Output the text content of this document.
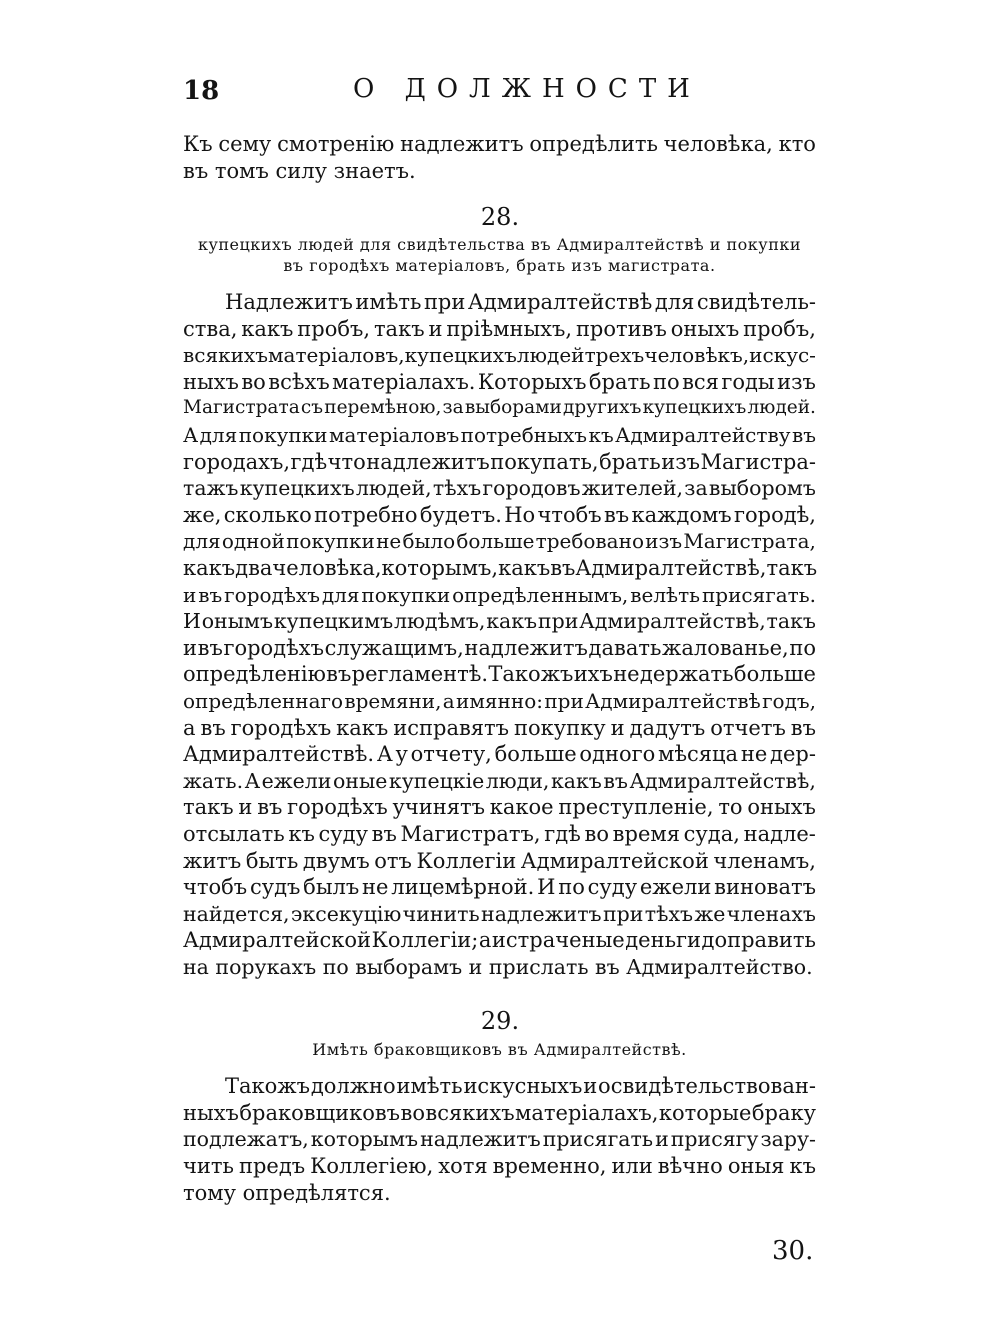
18	О ДОЛЖНОСТИ

Къ сему смотренію надлежитъ опредѣлить человѣка, кто

въ томъ силу знаетъ.

28.
купецкихъ людей для свидѣтельства въ Адмиралтействѣ и покупки
въ городѣхъ матеріаловъ, брать изъ магистрата.

Надлежитъ имѣть при Адмиралтействѣ для свидѣтель-

ства, какъ пробъ, такъ и пріѣмныхъ, противъ оныхъ пробъ,

всякихъ матеріаловъ, купецкихъ людей трехъ человѣкъ, искус-

ныхъ во всѣхъ матеріалахъ. Которыхъ брать по вся годы изъ

Магистрата съ перемѣною, за выборами другихъ купецкихъ людей.

А для покупки матеріаловъ потребныхъ къ Адмиралтейству въ

городахъ, гдѣ что надлежитъ покупать, брать изъ Магистра-

тажъ купецкихъ людей, тѣхъ городовъ жителей, за выборомъ

же, сколько потребно будетъ. Но чтобъ въ каждомъ городѣ,

для одной покупки не было больше требовано изъ Магистрата,

какъ два человѣка, которымъ, какъ въ Адмиралтействѣ, такъ

и въ городѣхъ для покупки опредѣленнымъ, велѣть присягать.

И онымъ купецкимъ людѣмъ, какъ при Адмиралтействѣ, такъ

и въ городѣхъ служащимъ, надлежитъ давать жалованье, по

опредѣленію въ регламентѣ. Такожъ ихъ не держать больше

опредѣленнаго времяни, а имянно: при Адмиралтействѣ годъ,

а въ городѣхъ какъ исправятъ покупку и дадутъ отчетъ въ

Адмиралтействѣ. А у отчету, больше одного мѣсяца не дер-

жать. А ежели оные купецкіе люди, какъ въ Адмиралтействѣ,

такъ и въ городѣхъ учинятъ какое преступленіе, то оныхъ

отсылать къ суду въ Магистратъ, гдѣ во время суда, надле-

житъ быть двумъ отъ Коллегіи Адмиралтейской членамъ,

чтобъ судъ былъ не лицемѣрной. И по суду ежели виноватъ

найдется, эксекуцію чинить надлежитъ при тѣхъ же членахъ

Адмиралтейской Коллегіи; а истраченые деньги доправить

на порукахъ по выборамъ и прислать въ Адмиралтейство.

29.
Имѣть браковщиковъ въ Адмиралтействѣ.

Такожъ должно имѣть искусныхъ и освидѣтельствован-

ныхъ браковщиковъ во всякихъ матеріалахъ, которые браку

подлежатъ, которымъ надлежитъ присягать и присягу зару-

чить предъ Коллегіею, хотя временно, или вѣчно оныя къ

тому опредѣлятся.

30.
